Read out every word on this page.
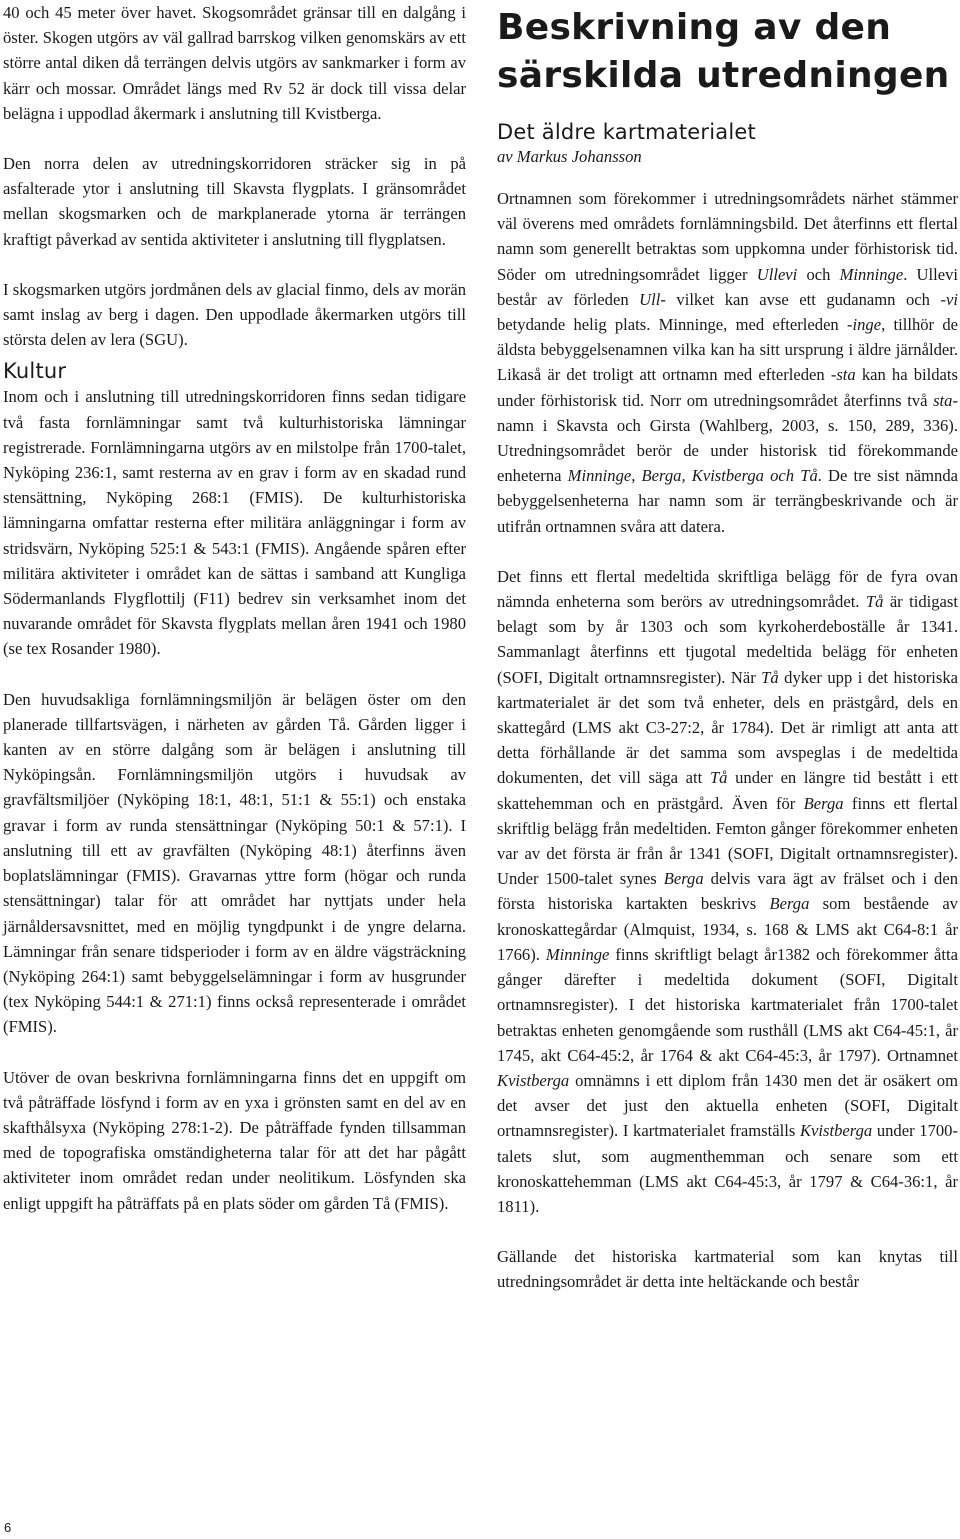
40 och 45 meter över havet. Skogsområdet gränsar till en dalgång i öster. Skogen utgörs av väl gallrad barrskog vilken genomskärs av ett större antal diken då terrängen delvis utgörs av sankmarker i form av kärr och mossar. Området längs med Rv 52 är dock till vissa delar belägna i uppodlad åkermark i anslutning till Kvistberga.

Den norra delen av utredningskorridoren sträcker sig in på asfalterade ytor i anslutning till Skavsta flygplats. I gränsområdet mellan skogsmarken och de markplanerade ytorna är terrängen kraftigt påverkad av sentida aktiviteter i anslutning till flygplatsen.

I skogsmarken utgörs jordmånen dels av glacial finmo, dels av morän samt inslag av berg i dagen. Den uppodlade åkermarken utgörs till största delen av lera (SGU).

Kultur

Inom och i anslutning till utredningskorridoren finns sedan tidigare två fasta fornlämningar samt två kulturhistoriska lämningar registrerade. Fornlämningarna utgörs av en milstolpe från 1700-talet, Nyköping 236:1, samt resterna av en grav i form av en skadad rund stensättning, Nyköping 268:1 (FMIS). De kulturhistoriska lämningarna omfattar resterna efter militära anläggningar i form av stridsvärn, Nyköping 525:1 & 543:1 (FMIS). Angående spåren efter militära aktiviteter i området kan de sättas i samband att Kungliga Södermanlands Flygflottilj (F11) bedrev sin verksamhet inom det nuvarande området för Skavsta flygplats mellan åren 1941 och 1980 (se tex Rosander 1980).

Den huvudsakliga fornlämningsmiljön är belägen öster om den planerade tillfartsvägen, i närheten av gården Tå. Gården ligger i kanten av en större dalgång som är belägen i anslutning till Nyköpingsån. Fornlämningsmiljön utgörs i huvudsak av gravfältsmiljöer (Nyköping 18:1, 48:1, 51:1 & 55:1) och enstaka gravar i form av runda stensättningar (Nyköping 50:1 & 57:1). I anslutning till ett av gravfälten (Nyköping 48:1) återfinns även boplatslämningar (FMIS). Gravarnas yttre form (högar och runda stensättningar) talar för att området har nyttjats under hela järnåldersavsnittet, med en möjlig tyngdpunkt i de yngre delarna. Lämningar från senare tidsperioder i form av en äldre vägsträckning (Nyköping 264:1) samt bebyggelselämningar i form av husgrunder (tex Nyköping 544:1 & 271:1) finns också representerade i området (FMIS).

Utöver de ovan beskrivna fornlämningarna finns det en uppgift om två påträffade lösfynd i form av en yxa i grönsten samt en del av en skafthålsyxa (Nyköping 278:1-2). De påträffade fynden tillsamman med de topografiska omständigheterna talar för att det har pågått aktiviteter inom området redan under neolitikum. Lösfynden ska enligt uppgift ha påträffats på en plats söder om gården Tå (FMIS).

Beskrivning av den särskilda utredningen
Det äldre kartmaterialet

av Markus Johansson

Ortnamnen som förekommer i utredningsområdets närhet stämmer väl överens med områdets fornlämningsbild. Det återfinns ett flertal namn som generellt betraktas som uppkomna under förhistorisk tid. Söder om utredningsområdet ligger Ullevi och Minninge. Ullevi består av förleden Ull- vilket kan avse ett gudanamn och -vi betydande helig plats. Minninge, med efterleden -inge, tillhör de äldsta bebyggelsenamnen vilka kan ha sitt ursprung i äldre järnålder. Likaså är det troligt att ortnamn med efterleden -sta kan ha bildats under förhistorisk tid. Norr om utredningsområdet återfinns två sta-namn i Skavsta och Girsta (Wahlberg, 2003, s. 150, 289, 336). Utredningsområdet berör de under historisk tid förekommande enheterna Minninge, Berga, Kvistberga och Tå. De tre sist nämnda bebyggelsenheterna har namn som är terrängbeskrivande och är utifrån ortnamnen svåra att datera.

Det finns ett flertal medeltida skriftliga belägg för de fyra ovan nämnda enheterna som berörs av utredningsområdet. Tå är tidigast belagt som by år 1303 och som kyrkoherdeboställe år 1341. Sammanlagt återfinns ett tjugotal medeltida belägg för enheten (SOFI, Digitalt ortnamnsregister). När Tå dyker upp i det historiska kartmaterialet är det som två enheter, dels en prästgård, dels en skattegård (LMS akt C3-27:2, år 1784). Det är rimligt att anta att detta förhållande är det samma som avspeglas i de medeltida dokumenten, det vill säga att Tå under en längre tid bestått i ett skattehemman och en prästgård. Även för Berga finns ett flertal skriftlig belägg från medeltiden. Femton gånger förekommer enheten var av det första är från år 1341 (SOFI, Digitalt ortnamnsregister). Under 1500-talet synes Berga delvis vara ägt av frälset och i den första historiska kartakten beskrivs Berga som bestående av kronoskattegårdar (Almquist, 1934, s. 168 & LMS akt C64-8:1 år 1766). Minninge finns skriftligt belagt år1382 och förekommer åtta gånger därefter i medeltida dokument (SOFI, Digitalt ortnamnsregister). I det historiska kartmaterialet från 1700-talet betraktas enheten genomgående som rusthåll (LMS akt C64-45:1, år 1745, akt C64-45:2, år 1764 & akt C64-45:3, år 1797). Ortnamnet Kvistberga omnämns i ett diplom från 1430 men det är osäkert om det avser det just den aktuella enheten (SOFI, Digitalt ortnamnsregister). I kartmaterialet framställs Kvistberga under 1700-talets slut, som augmenthemman och senare som ett kronoskattehemman (LMS akt C64-45:3, år 1797 & C64-36:1, år 1811).

Gällande det historiska kartmaterial som kan knytas till utredningsområdet är detta inte heltäckande och består

6
